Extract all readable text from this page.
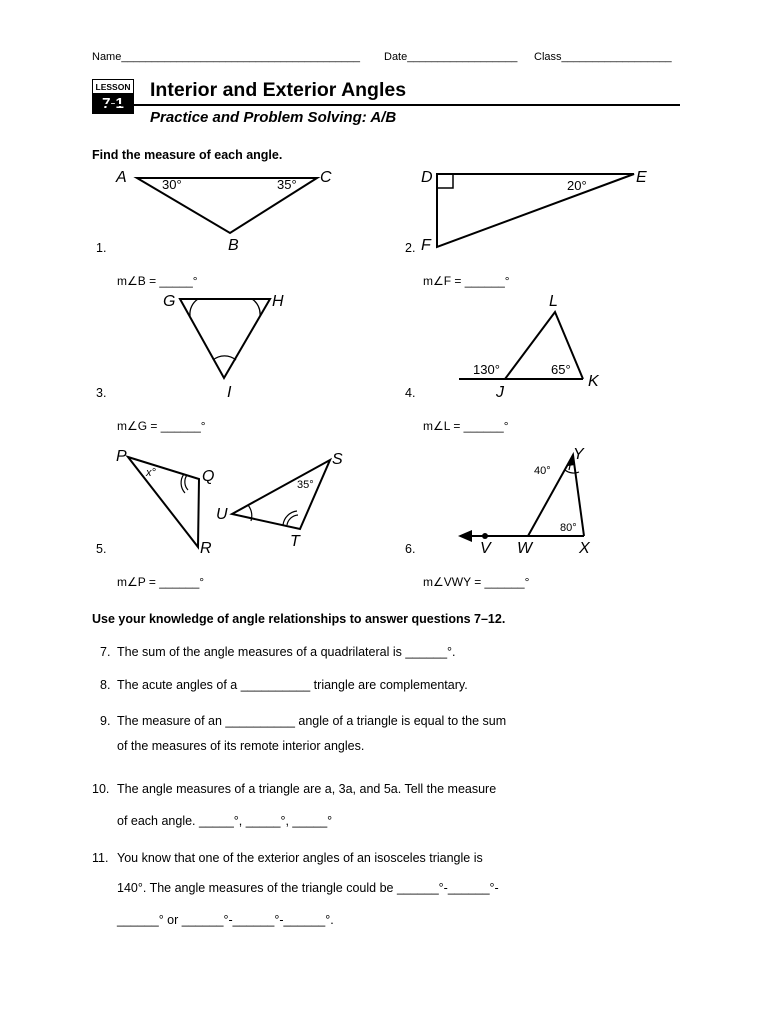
Name_______________________________________ Date__________________ Class__________________
LESSON Interior and Exterior Angles
Practice and Problem Solving: A/B
Find the measure of each angle.
A	C
B
30°	35°	D	E
F
20°
G	H
I
L
J
K
130°	65°
P
Q
R
S
U
T
x°
35°
Y
V W	X
40°
80°
1.
m∠B = _____°
2.
m∠F = ______°
3.
m∠G = ______°
4.
m∠L = ______°
5.
m∠P = ______°
6.
m∠VWY = ______°
Use your knowledge of angle relationships to answer questions 7–12.
7. The sum of the angle measures of a quadrilateral is ______°.
8. The acute angles of a __________ triangle are complementary.
9. The measure of an __________ angle of a triangle is equal to the sum
of the measures of its remote interior angles.
10. The angle measures of a triangle are a, 3a, and 5a. Tell the measure
of each angle. _____°, _____°, _____°
11. You know that one of the exterior angles of an isosceles triangle is
140°. The angle measures of the triangle could be ______°-______°-
______° or ______°-______°-______°.
